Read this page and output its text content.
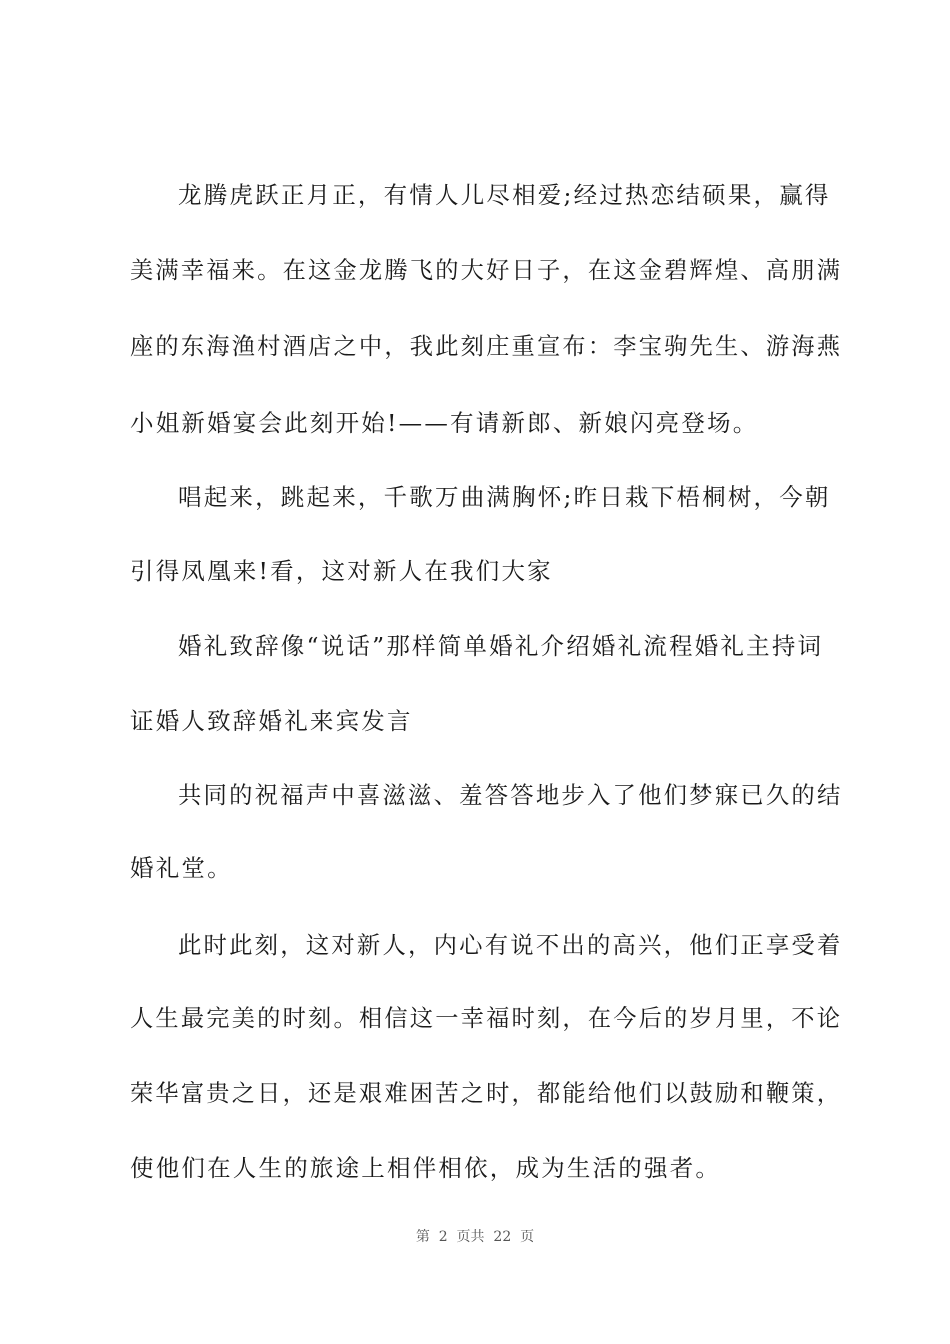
龙腾虎跃正月正，有情人儿尽相爱;经过热恋结硕果，赢得
美满幸福来。在这金龙腾飞的大好日子，在这金碧辉煌、高朋满
座的东海渔村酒店之中，我此刻庄重宣布：李宝驹先生、游海燕
小姐新婚宴会此刻开始!——有请新郎、新娘闪亮登场。
唱起来，跳起来，千歌万曲满胸怀;昨日栽下梧桐树，今朝
引得凤凰来!看，这对新人在我们大家
婚礼致辞像“说话”那样简单婚礼介绍婚礼流程婚礼主持词
证婚人致辞婚礼来宾发言
共同的祝福声中喜滋滋、羞答答地步入了他们梦寐已久的结
婚礼堂。
此时此刻，这对新人，内心有说不出的高兴，他们正享受着
人生最完美的时刻。相信这一幸福时刻，在今后的岁月里，不论
荣华富贵之日，还是艰难困苦之时，都能给他们以鼓励和鞭策，
使他们在人生的旅途上相伴相依，成为生活的强者。
第  2  页共  22  页
